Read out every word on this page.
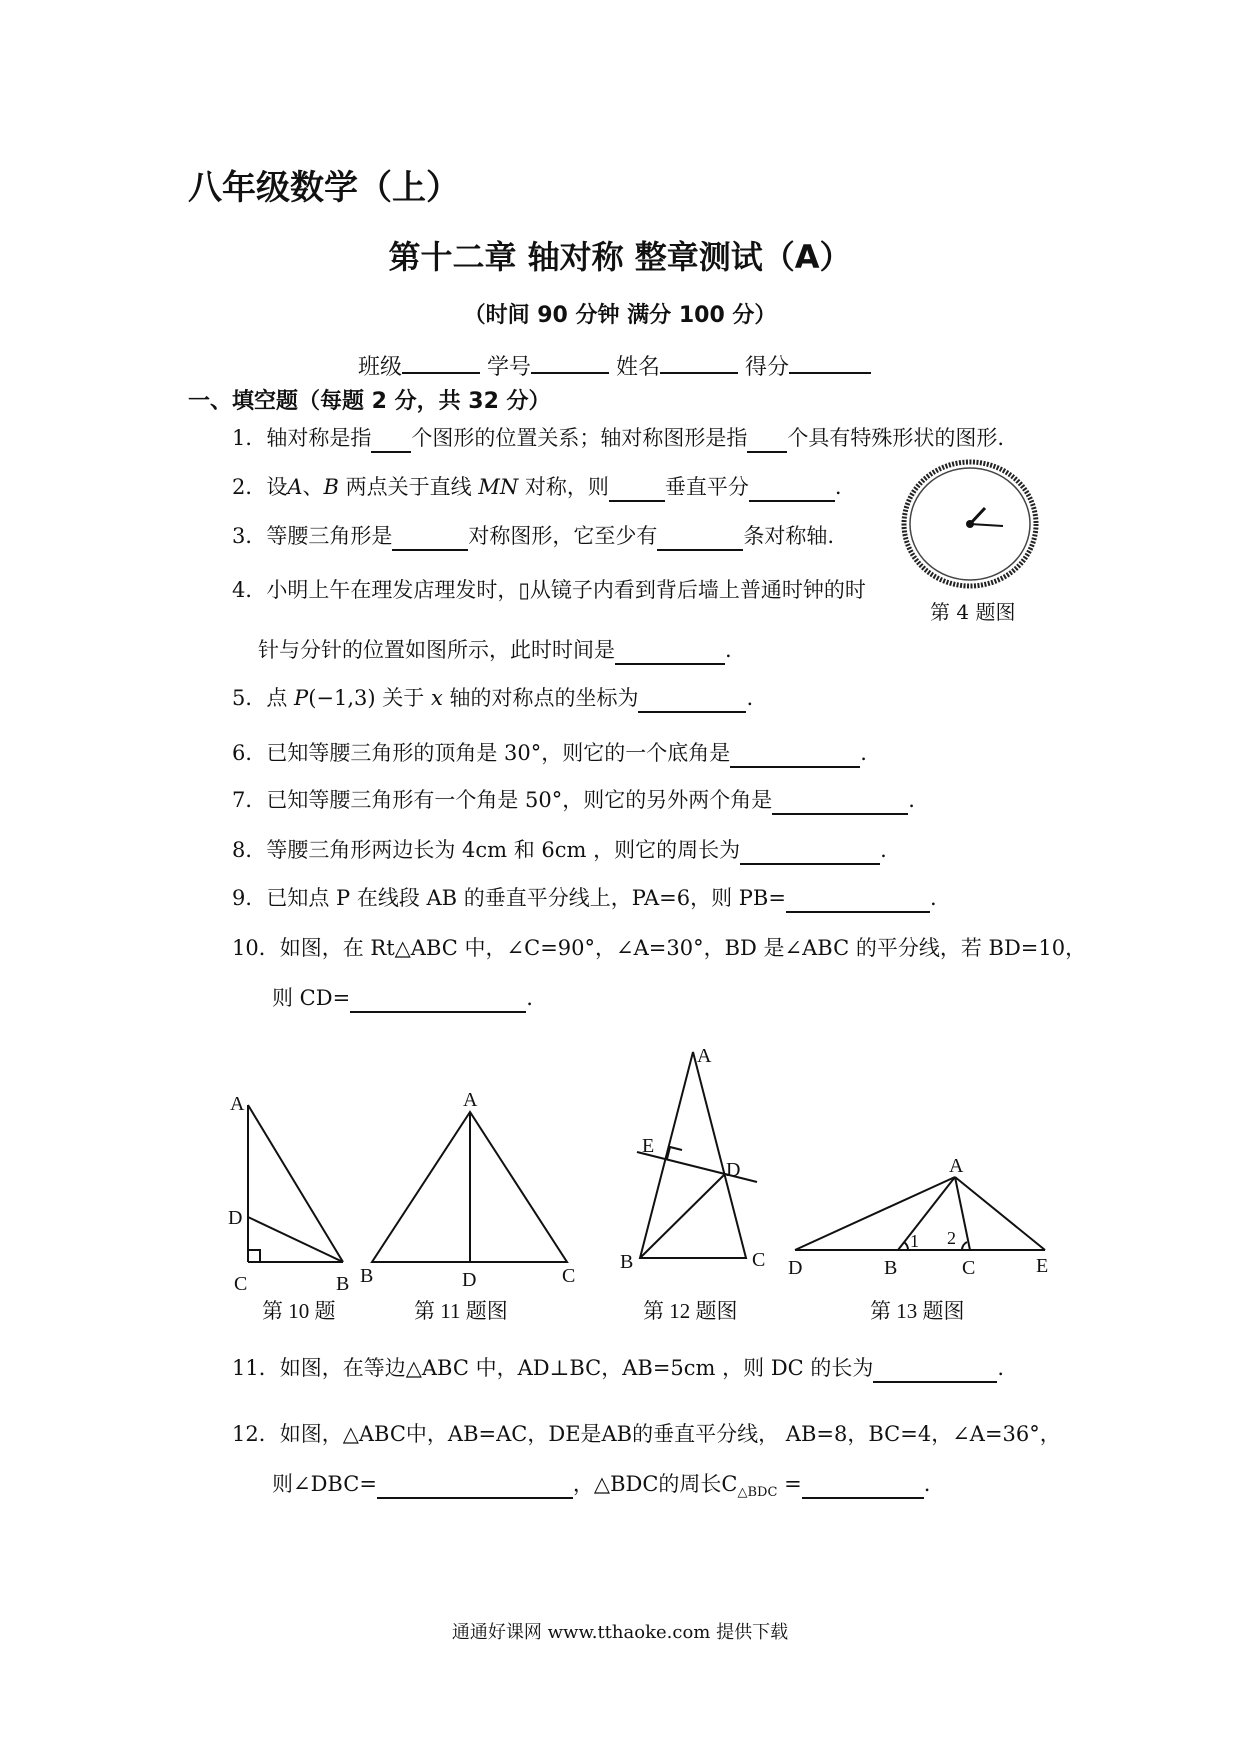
八年级数学（上）
第十二章 轴对称 整章测试（A）
（时间 90 分钟 满分 100 分）
班级	学号	姓名	得分
一、填空题（每题 2 分，共 32 分）
1．轴对称是指 个图形的位置关系；轴对称图形是指 个具有特殊形状的图形.
2．设A、B 两点关于直线 MN 对称，则	垂直平分	.
3．等腰三角形是	对称图形，它至少有	条对称轴.
4．小明上午在理发店理发时，▯从镜子内看到背后墙上普通时钟的时
针与分针的位置如图所示，此时时间是	.
第 4 题图
5．点 P(−1,3) 关于 x 轴的对称点的坐标为	.
6．已知等腰三角形的顶角是 30°，则它的一个底角是	.
7．已知等腰三角形有一个角是 50°，则它的另外两个角是	.
8．等腰三角形两边长为 4cm 和 6cm ，则它的周长为	.
9．已知点 P 在线段 AB 的垂直平分线上，PA=6，则 PB=	.
10．如图，在 Rt△ABC 中，∠C=90°，∠A=30°，BD 是∠ABC 的平分线，若 BD=10，
则 CD=	.
A
D
C	B
第 10 题
A
B	D	C
第 11 题图
A
E
D
B	C
第 12 题图
A
D	B	C	E
1 2
第 13 题图
11．如图，在等边△ABC 中，AD⊥BC，AB=5cm ，则 DC 的长为	.
12．如图，△ABC中，AB=AC，DE是AB的垂直平分线， AB=8，BC=4，∠A=36°，
则∠DBC=	，△BDC的周长$C_{\triangle BDC}$ =	.
通通好课网 www.tthaoke.com 提供下载
